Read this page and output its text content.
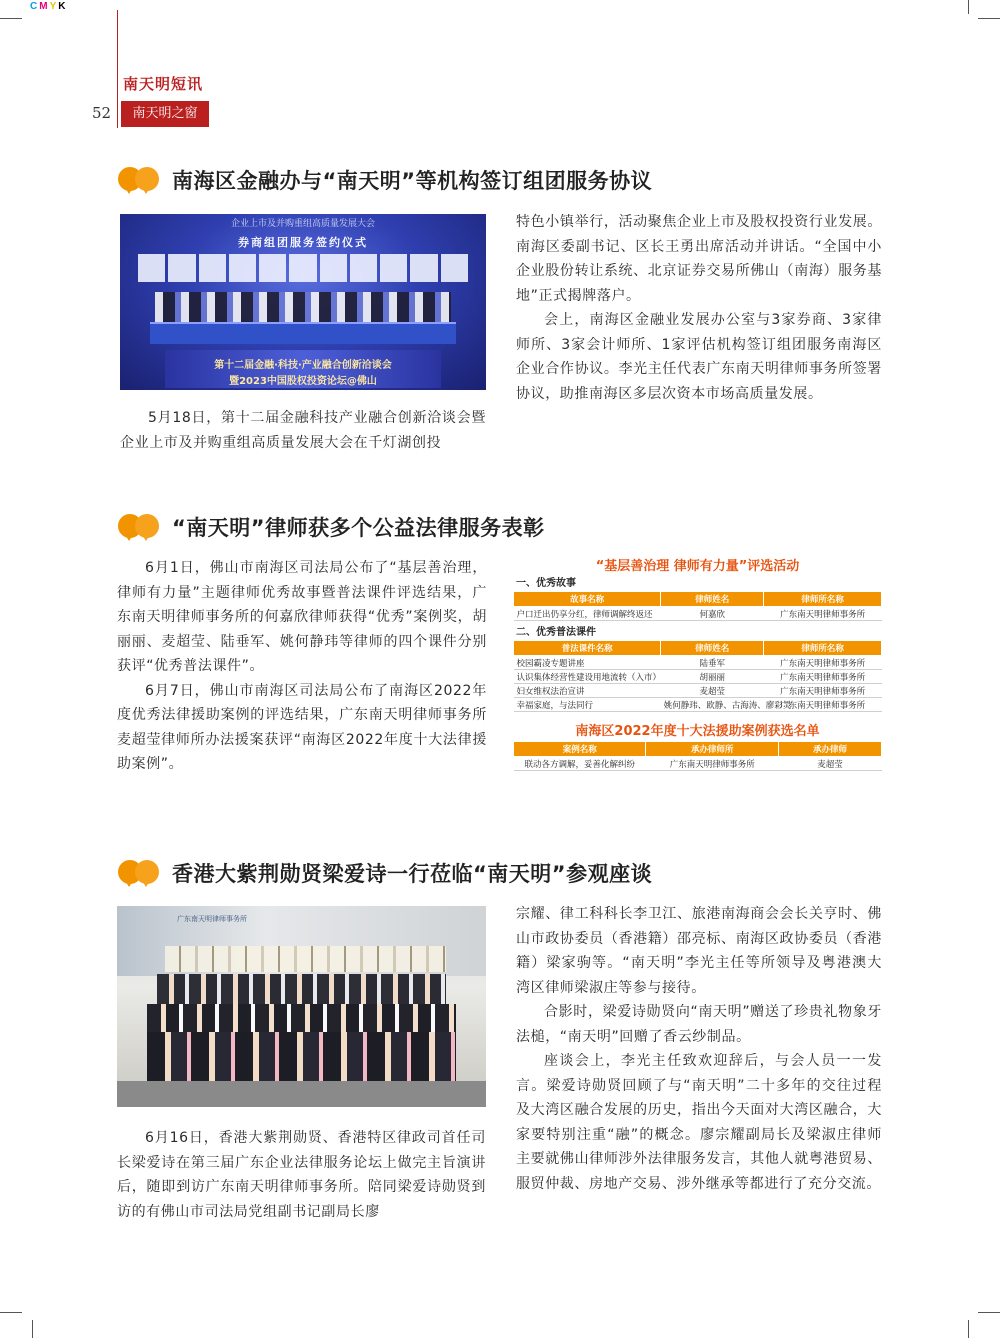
CMYK
南天明短讯
52	南天明之窗
南海区金融办与“南天明”等机构签订组团服务协议
企业上市及并购重组高质量发展大会
券商组团服务签约仪式
第十二届金融·科技·产业融合创新洽谈会
暨2023中国股权投资论坛@佛山

5月18日，第十二届金融科技产业融合创新洽谈会暨企业上市及并购重组高质量发展大会在千灯湖创投

特色小镇举行，活动聚焦企业上市及股权投资行业发展。南海区委副书记、区长王勇出席活动并讲话。“全国中小企业股份转让系统、北京证券交易所佛山（南海）服务基地”正式揭牌落户。

会上，南海区金融业发展办公室与3家券商、3家律师所、3家会计师所、1家评估机构签订组团服务南海区企业合作协议。李光主任代表广东南天明律师事务所签署协议，助推南海区多层次资本市场高质量发展。

“南天明”律师获多个公益法律服务表彰

6月1日，佛山市南海区司法局公布了“基层善治理，律师有力量”主题律师优秀故事暨普法课件评选结果，广东南天明律师事务所的何嘉欣律师获得“优秀”案例奖，胡丽丽、麦超莹、陆垂军、姚何静玮等律师的四个课件分别获评“优秀普法课件”。

6月7日，佛山市南海区司法局公布了南海区2022年度优秀法律援助案例的评选结果，广东南天明律师事务所麦超莹律师所办法援案获评“南海区2022年度十大法律援助案例”。

“基层善治理 律师有力量”评选活动
一、优秀故事
故事名称	律师姓名	律师所名称
户口迁出仍享分红，律师调解终返还	何嘉欣	广东南天明律师事务所
二、优秀普法课件
普法课件名称	律师姓名	律师所名称
校园霸凌专题讲座	陆垂军	广东南天明律师事务所
认识集体经营性建设用地流转（入市）	胡丽丽	广东南天明律师事务所
妇女维权法治宣讲	麦超莹	广东南天明律师事务所
幸福家庭，与法同行	姚何静玮、欧静、古海涛、廖彩灵	广东南天明律师事务所
南海区2022年度十大法援助案例获选名单
案例名称	承办律师所	承办律师
联动各方调解，妥善化解纠纷	广东南天明律师事务所	麦超莹
香港大紫荆勋贤梁爱诗一行莅临“南天明”参观座谈
广东南天明律师事务所

6月16日，香港大紫荆勋贤、香港特区律政司首任司长梁爱诗在第三届广东企业法律服务论坛上做完主旨演讲后，随即到访广东南天明律师事务所。陪同梁爱诗勋贤到访的有佛山市司法局党组副书记副局长廖

宗耀、律工科科长李卫江、旅港南海商会会长关亨时、佛山市政协委员（香港籍）邵亮标、南海区政协委员（香港籍）梁家驹等。“南天明”李光主任等所领导及粤港澳大湾区律师梁淑庄等参与接待。

合影时，梁爱诗勋贤向“南天明”赠送了珍贵礼物象牙法槌，“南天明”回赠了香云纱制品。

座谈会上，李光主任致欢迎辞后，与会人员一一发言。梁爱诗勋贤回顾了与“南天明”二十多年的交往过程及大湾区融合发展的历史，指出今天面对大湾区融合，大家要特别注重“融”的概念。廖宗耀副局长及梁淑庄律师主要就佛山律师涉外法律服务发言，其他人就粤港贸易、服贸仲裁、房地产交易、涉外继承等都进行了充分交流。
